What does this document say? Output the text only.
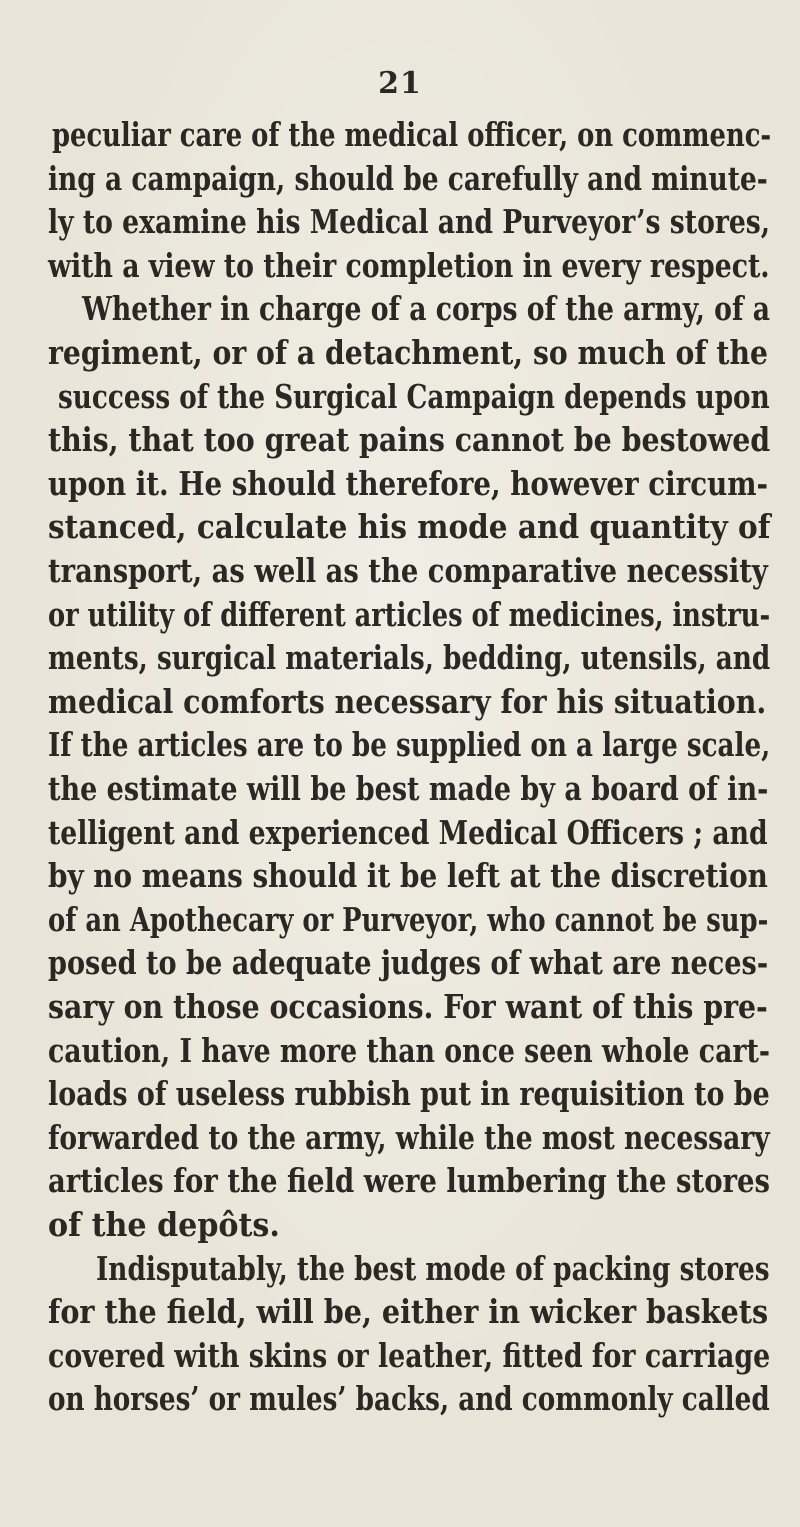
21
peculiar care of the medical officer, on commenc-
ing a campaign, should be carefully and minute-
ly to examine his Medical and Purveyor’s stores,
with a view to their completion in every respect.
Whether in charge of a corps of the army, of a
regiment, or of a detachment, so much of the
success of the Surgical Campaign depends upon
this, that too great pains cannot be bestowed
upon it. He should therefore, however circum-
stanced, calculate his mode and quantity of
transport, as well as the comparative necessity
or utility of different articles of medicines, instru-
ments, surgical materials, bedding, utensils, and
medical comforts necessary for his situation.
If the articles are to be supplied on a large scale,
the estimate will be best made by a board of in-
telligent and experienced Medical Officers ; and
by no means should it be left at the discretion
of an Apothecary or Purveyor, who cannot be sup-
posed to be adequate judges of what are neces-
sary on those occasions. For want of this pre-
caution, I have more than once seen whole cart-
loads of useless rubbish put in requisition to be
forwarded to the army, while the most necessary
articles for the field were lumbering the stores
of the depôts.
Indisputably, the best mode of packing stores
for the field, will be, either in wicker baskets
covered with skins or leather, fitted for carriage
on horses’ or mules’ backs, and commonly called
